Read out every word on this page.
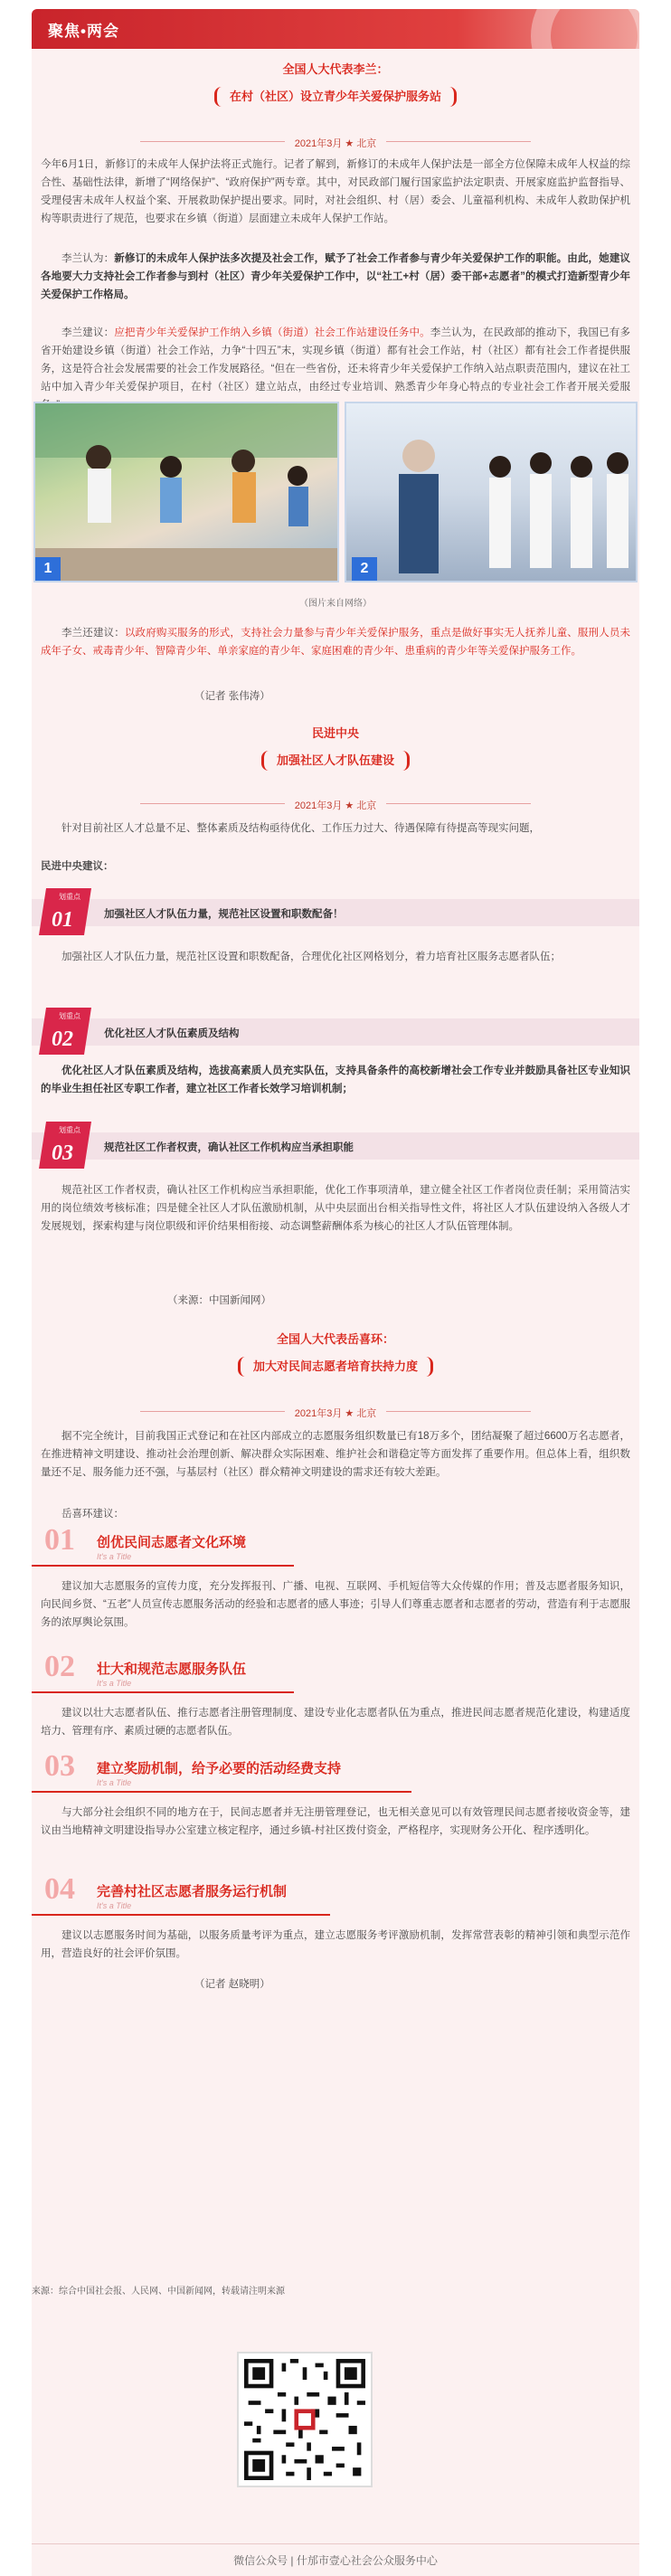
聚焦•两会
全国人大代表李兰：
在村（社区）设立青少年关爱保护服务站
2021年3月 ★ 北京

今年6月1日，新修订的未成年人保护法将正式施行。记者了解到，新修订的未成年人保护法是一部全方位保障未成年人权益的综合性、基础性法律，新增了“网络保护”、“政府保护”两专章。其中，对民政部门履行国家监护法定职责、开展家庭监护监督指导、受理侵害未成年人权益个案、开展救助保护提出要求。同时，对社会组织、村（居）委会、儿童福利机构、未成年人救助保护机构等职责进行了规范，也要求在乡镇（街道）层面建立未成年人保护工作站。

李兰认为：新修订的未成年人保护法多次提及社会工作，赋予了社会工作者参与青少年关爱保护工作的职能。由此，她建议各地要大力支持社会工作者参与到村（社区）青少年关爱保护工作中，以“社工+村（居）委干部+志愿者”的模式打造新型青少年关爱保护工作格局。

李兰建议：应把青少年关爱保护工作纳入乡镇（街道）社会工作站建设任务中。李兰认为，在民政部的推动下，我国已有多省开始建设乡镇（街道）社会工作站，力争“十四五”末，实现乡镇（街道）都有社会工作站，村（社区）都有社会工作者提供服务，这是符合社会发展需要的社会工作发展路径。“但在一些省份，还未将青少年关爱保护工作纳入站点职责范围内，建议在社工站中加入青少年关爱保护项目，在村（社区）建立站点，由经过专业培训、熟悉青少年身心特点的专业社会工作者开展关爱服

1	2
（图片来自网络）

李兰还建议：以政府购买服务的形式，支持社会力量参与青少年关爱保护服务，重点是做好事实无人抚养儿童、服刑人员未成年子女、戒毒青少年、智障青少年、单亲家庭的青少年、家庭困难的青少年、患重病的青少年等关爱保护服务工作。

（记者 张伟涛）

民进中央
加强社区人才队伍建设
2021年3月 ★ 北京

针对目前社区人才总量不足、整体素质及结构亟待优化、工作压力过大、待遇保障有待提高等现实问题，

民进中央建议：

划重点
01	加强社区人才队伍力量，规范社区设置和职数配备！

加强社区人才队伍力量，规范社区设置和职数配备，合理优化社区网格划分，着力培育社区服务志愿者队伍；

划重点
02	优化社区人才队伍素质及结构

优化社区人才队伍素质及结构，选拔高素质人员充实队伍，支持具备条件的高校新增社会工作专业并鼓励具备社区专业知识的毕业生担任社区专职工作者，建立社区工作者长效学习培训机制；

划重点
03	规范社区工作者权责，确认社区工作机构应当承担职能

规范社区工作者权责，确认社区工作机构应当承担职能，优化工作事项清单，建立健全社区工作者岗位责任制；采用简洁实用的岗位绩效考核标准；四是健全社区人才队伍激励机制，从中央层面出台相关指导性文件，将社区人才队伍建设纳入各级人才发展规划，探索构建与岗位职级和评价结果相衔接、动态调整薪酬体系为核心的社区人才队伍管理体制。

（来源：中国新闻网）

全国人大代表岳喜环：
加大对民间志愿者培育扶持力度
2021年3月 ★ 北京

据不完全统计，目前我国正式登记和在社区内部成立的志愿服务组织数量已有18万多个，团结凝聚了超过6600万名志愿者，在推进精神文明建设、推动社会治理创新、解决群众实际困难、维护社会和谐稳定等方面发挥了重要作用。但总体上看，组织数量还不足、服务能力还不强，与基层村（社区）群众精神文明建设的需求还有较大差距。

岳喜环建议：

01 创优民间志愿者文化环境
It's a Title

建议加大志愿服务的宣传力度，充分发挥报刊、广播、电视、互联网、手机短信等大众传媒的作用；普及志愿者服务知识，向民间乡贤、“五老”人员宣传志愿服务活动的经验和志愿者的感人事迹；引导人们尊重志愿者和志愿者的劳动，营造有利于志愿服务的浓厚舆论氛围。

02 壮大和规范志愿服务队伍
It's a Title

建议以壮大志愿者队伍、推行志愿者注册管理制度、建设专业化志愿者队伍为重点，推进民间志愿者规范化建设，构建适度培力、管理有序、素质过硬的志愿者队伍。

03 建立奖励机制，给予必要的活动经费支持
It's a Title

与大部分社会组织不同的地方在于，民间志愿者并无注册管理登记，也无相关意见可以有效管理民间志愿者接收资金等，建议由当地精神文明建设指导办公室建立核定程序，通过乡镇-村社区拨付资金，严格程序，实现财务公开化、程序透明化。

04 完善村社区志愿者服务运行机制
It's a Title

建议以志愿服务时间为基础，以服务质量考评为重点，建立志愿服务考评激励机制，发挥常营表彰的精神引领和典型示范作用，营造良好的社会评价氛围。

（记者 赵晓明）

来源：综合中国社会报、人民网、中国新闻网，转载请注明来源

微信公众号 | 什邡市壹心社会公众服务中心
